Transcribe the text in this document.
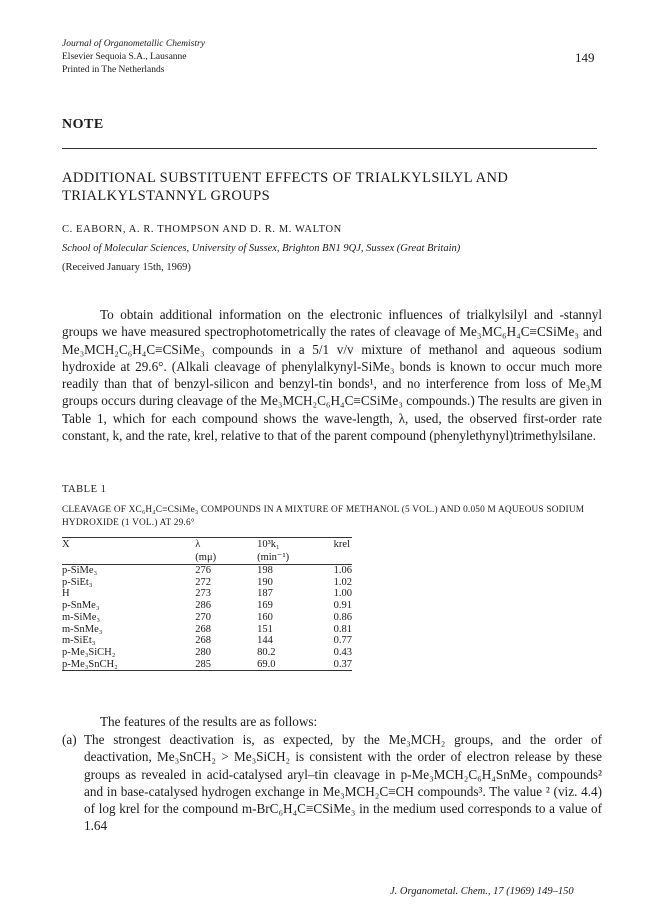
Journal of Organometallic Chemistry
Elsevier Sequoia S.A., Lausanne
Printed in The Netherlands
149
NOTE
ADDITIONAL SUBSTITUENT EFFECTS OF TRIALKYLSILYL AND TRIALKYLSTANNYL GROUPS
C. EABORN, A. R. THOMPSON AND D. R. M. WALTON
School of Molecular Sciences, University of Sussex, Brighton BN1 9QJ, Sussex (Great Britain)
(Received January 15th, 1969)
To obtain additional information on the electronic influences of trialkylsilyl and -stannyl groups we have measured spectrophotometrically the rates of cleavage of Me₃MC₆H₄C≡CSiMe₃ and Me₃MCH₂C₆H₄C≡CSiMe₃ compounds in a 5/1 v/v mixture of methanol and aqueous sodium hydroxide at 29.6°. (Alkali cleavage of phenylalkynyl-SiMe₃ bonds is known to occur much more readily than that of benzyl-silicon and benzyl-tin bonds¹, and no interference from loss of Me₃M groups occurs during cleavage of the Me₃MCH₂C₆H₄C≡CSiMe₃ compounds.) The results are given in Table 1, which for each compound shows the wave-length, λ, used, the observed first-order rate constant, k, and the rate, krel, relative to that of the parent compound (phenylethynyl)trimethylsilane.
TABLE 1
CLEAVAGE OF XC₆H₄C≡CSiMe₃ COMPOUNDS IN A MIXTURE OF METHANOL (5 VOL.) AND 0.050 M AQUEOUS SODIUM HYDROXIDE (1 VOL.) AT 29.6°
X	λ	10³k₁	krel
	(mμ)	(min⁻¹)	
p-SiMe₃	276	198	1.06
p-SiEt₃	272	190	1.02
H	273	187	1.00
p-SnMe₃	286	169	0.91
m-SiMe₃	270	160	0.86
m-SnMe₃	268	151	0.81
m-SiEt₃	268	144	0.77
p-Me₃SiCH₂	280	80.2	0.43
p-Me₃SnCH₂	285	69.0	0.37
The features of the results are as follows:
(a) The strongest deactivation is, as expected, by the Me₃MCH₂ groups, and the order of deactivation, Me₃SnCH₂ > Me₃SiCH₂ is consistent with the order of electron release by these groups as revealed in acid-catalysed aryl–tin cleavage in p-Me₃MCH₂C₆H₄SnMe₃ compounds² and in base-catalysed hydrogen exchange in Me₃MCH₂C≡CH compounds³. The value ² (viz. 4.4) of log krel for the compound m-BrC₆H₄C≡CSiMe₃ in the medium used corresponds to a value of 1.64
J. Organometal. Chem., 17 (1969) 149–150
